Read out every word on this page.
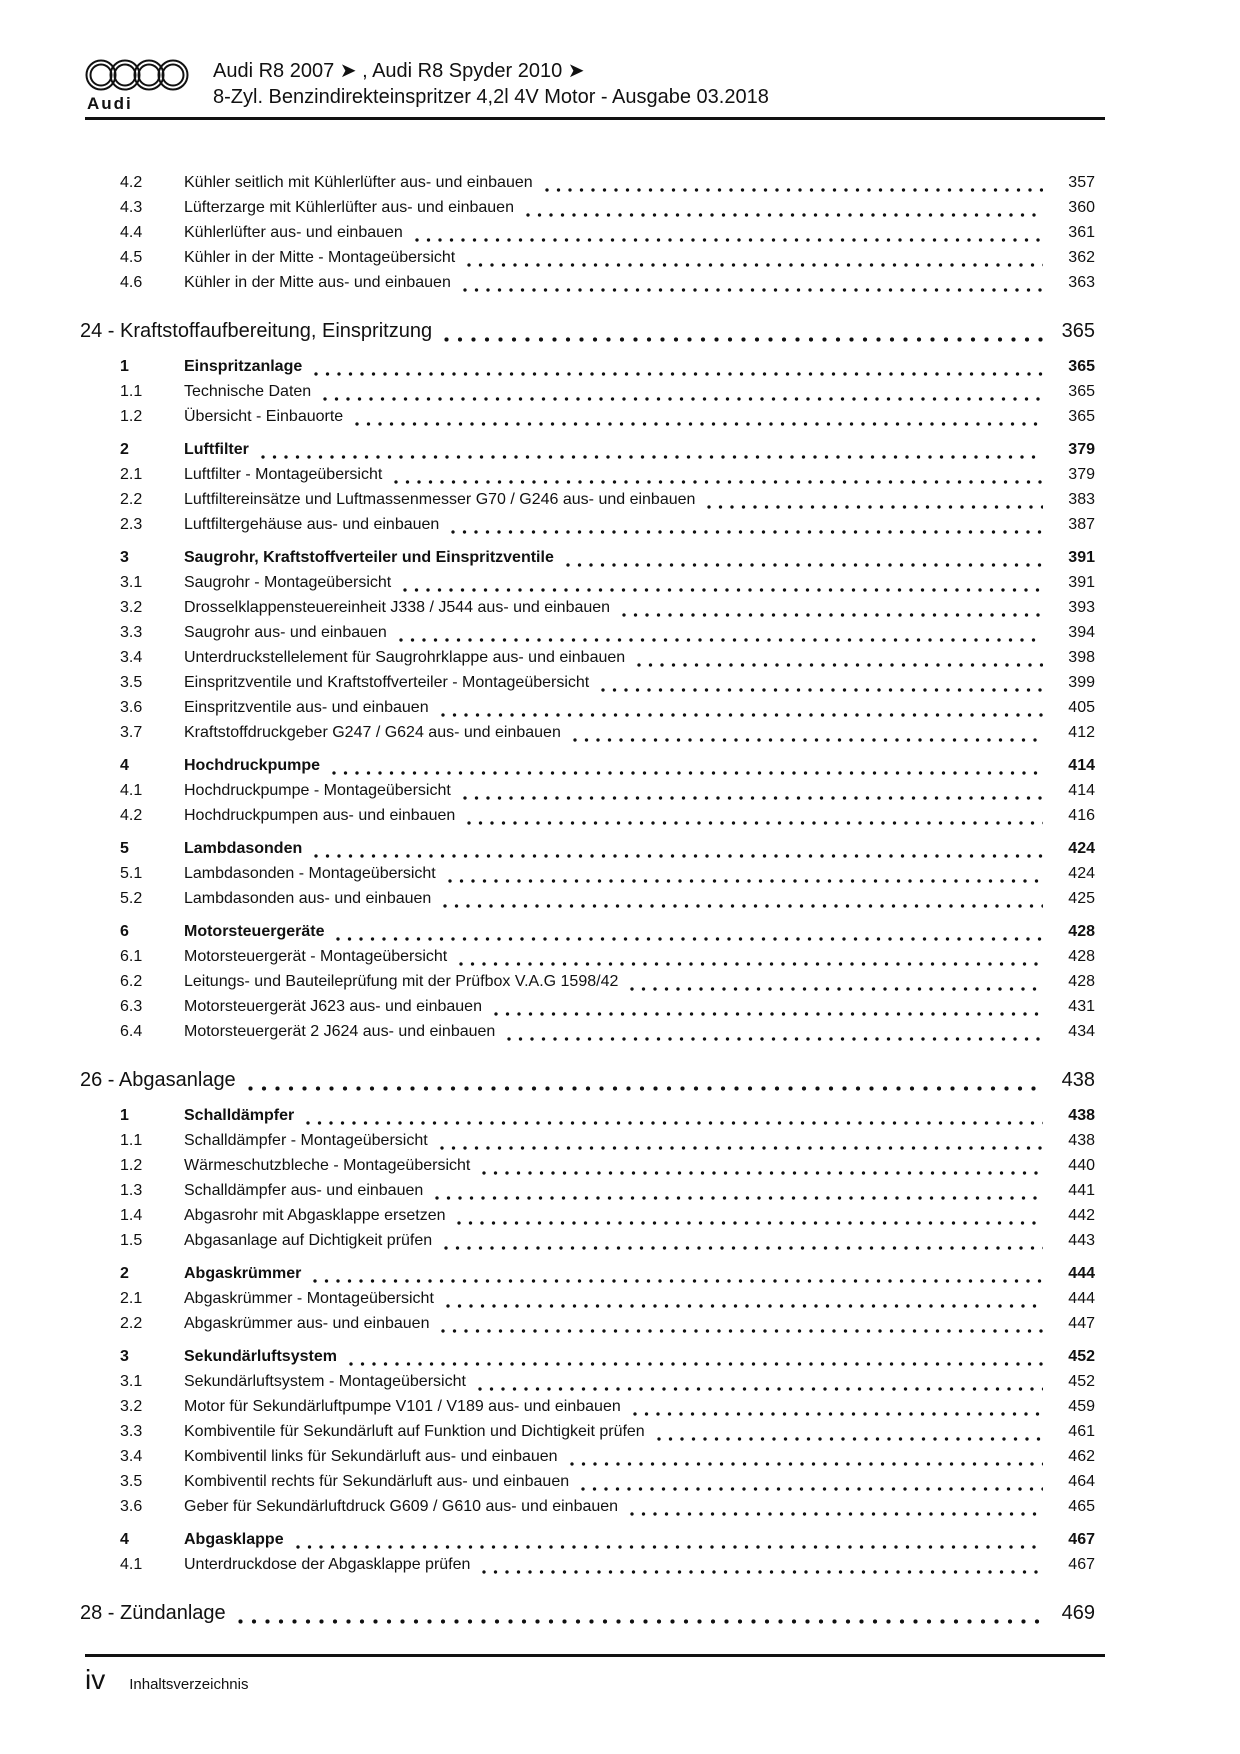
Audi
Audi R8 2007 ➤ , Audi R8 Spyder 2010 ➤
8-Zyl. Benzindirekteinspritzer 4,2l 4V Motor - Ausgabe 03.2018
4.2	Kühler seitlich mit Kühlerlüfter aus- und einbauen	357
4.3	Lüfterzarge mit Kühlerlüfter aus- und einbauen	360
4.4	Kühlerlüfter aus- und einbauen	361
4.5	Kühler in der Mitte - Montageübersicht	362
4.6	Kühler in der Mitte aus- und einbauen	363
24 - Kraftstoffaufbereitung, Einspritzung	365
1	Einspritzanlage	365
1.1	Technische Daten	365
1.2	Übersicht - Einbauorte	365
2	Luftfilter	379
2.1	Luftfilter - Montageübersicht	379
2.2	Luftfiltereinsätze und Luftmassenmesser G70 / G246 aus- und einbauen	383
2.3	Luftfiltergehäuse aus- und einbauen	387
3	Saugrohr, Kraftstoffverteiler und Einspritzventile	391
3.1	Saugrohr - Montageübersicht	391
3.2	Drosselklappensteuereinheit J338 / J544 aus- und einbauen	393
3.3	Saugrohr aus- und einbauen	394
3.4	Unterdruckstellelement für Saugrohrklappe aus- und einbauen	398
3.5	Einspritzventile und Kraftstoffverteiler - Montageübersicht	399
3.6	Einspritzventile aus- und einbauen	405
3.7	Kraftstoffdruckgeber G247 / G624 aus- und einbauen	412
4	Hochdruckpumpe	414
4.1	Hochdruckpumpe - Montageübersicht	414
4.2	Hochdruckpumpen aus- und einbauen	416
5	Lambdasonden	424
5.1	Lambdasonden - Montageübersicht	424
5.2	Lambdasonden aus- und einbauen	425
6	Motorsteuergeräte	428
6.1	Motorsteuergerät - Montageübersicht	428
6.2	Leitungs- und Bauteileprüfung mit der Prüfbox V.A.G 1598/42	428
6.3	Motorsteuergerät J623 aus- und einbauen	431
6.4	Motorsteuergerät 2 J624 aus- und einbauen	434
26 - Abgasanlage	438
1	Schalldämpfer	438
1.1	Schalldämpfer - Montageübersicht	438
1.2	Wärmeschutzbleche - Montageübersicht	440
1.3	Schalldämpfer aus- und einbauen	441
1.4	Abgasrohr mit Abgasklappe ersetzen	442
1.5	Abgasanlage auf Dichtigkeit prüfen	443
2	Abgaskrümmer	444
2.1	Abgaskrümmer - Montageübersicht	444
2.2	Abgaskrümmer aus- und einbauen	447
3	Sekundärluftsystem	452
3.1	Sekundärluftsystem - Montageübersicht	452
3.2	Motor für Sekundärluftpumpe V101 / V189 aus- und einbauen	459
3.3	Kombiventile für Sekundärluft auf Funktion und Dichtigkeit prüfen	461
3.4	Kombiventil links für Sekundärluft aus- und einbauen	462
3.5	Kombiventil rechts für Sekundärluft aus- und einbauen	464
3.6	Geber für Sekundärluftdruck G609 / G610 aus- und einbauen	465
4	Abgasklappe	467
4.1	Unterdruckdose der Abgasklappe prüfen	467
28 - Zündanlage	469
iv Inhaltsverzeichnis
